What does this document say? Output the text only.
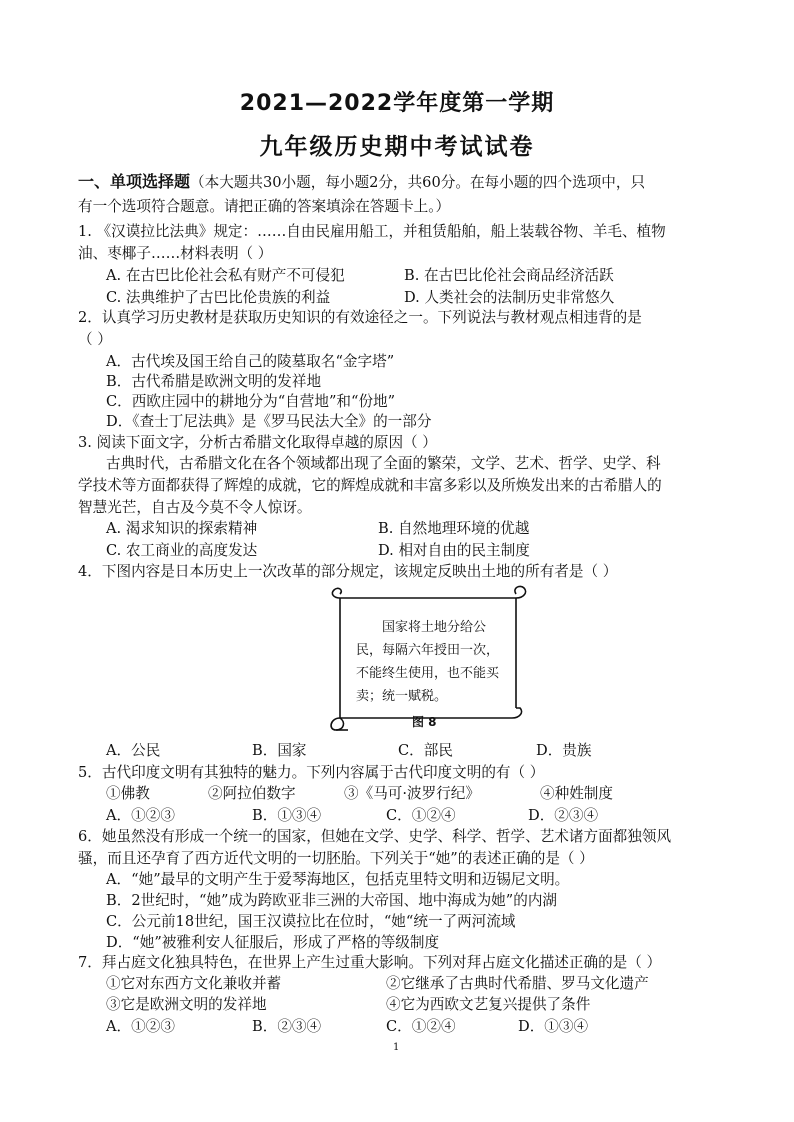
2021—2022学年度第一学期
九年级历史期中考试试卷
一、单项选择题（本大题共30小题，每小题2分，共60分。在每小题的四个选项中，只
有一个选项符合题意。请把正确的答案填涂在答题卡上。）
1. 《汉谟拉比法典》规定：……自由民雇用船工，并租赁船舶，船上装载谷物、羊毛、植物
油、枣椰子……材料表明（ ）
A. 在古巴比伦社会私有财产不可侵犯	B. 在古巴比伦社会商品经济活跃
C. 法典维护了古巴比伦贵族的利益	D. 人类社会的法制历史非常悠久
2．认真学习历史教材是获取历史知识的有效途径之一。下列说法与教材观点相违背的是
（ ）
A．古代埃及国王给自己的陵墓取名“金字塔”
B．古代希腊是欧洲文明的发祥地
C．西欧庄园中的耕地分为“自营地”和“份地”
D．《查士丁尼法典》是《罗马民法大全》的一部分
3. 阅读下面文字，分析古希腊文化取得卓越的原因（ ）
古典时代，古希腊文化在各个领域都出现了全面的繁荣，文学、艺术、哲学、史学、科
学技术等方面都获得了辉煌的成就，它的辉煌成就和丰富多彩以及所焕发出来的古希腊人的
智慧光芒，自古及今莫不令人惊讶。
A. 渴求知识的探索精神	B. 自然地理环境的优越
C. 农工商业的高度发达	D. 相对自由的民主制度
4．下图内容是日本历史上一次改革的部分规定，该规定反映出土地的所有者是（ ）
国家将土地分给公
民，每隔六年授田一次，
不能终生使用，也不能买
卖；统一赋税。
图 8
A．公民	B．国家	C．部民	D．贵族
5．古代印度文明有其独特的魅力。下列内容属于古代印度文明的有（ ）
①佛教	②阿拉伯数字	③《马可·波罗行纪》	④种姓制度
A．①②③	B．①③④	C．①②④	D．②③④
6．她虽然没有形成一个统一的国家，但她在文学、史学、科学、哲学、艺术诸方面都独领风
骚，而且还孕育了西方近代文明的一切胚胎。下列关于“她”的表述正确的是（ ）
A．“她”最早的文明产生于爱琴海地区，包括克里特文明和迈锡尼文明。
B．2世纪时，“她”成为跨欧亚非三洲的大帝国、地中海成为她”的内湖
C．公元前18世纪，国王汉谟拉比在位时，“她“统一了两河流域
D．“她”被雅利安人征服后，形成了严格的等级制度
7．拜占庭文化独具特色，在世界上产生过重大影响。下列对拜占庭文化描述正确的是（ ）
①它对东西方文化兼收并蓄	②它继承了古典时代希腊、罗马文化遗产
③它是欧洲文明的发祥地	④它为西欧文艺复兴提供了条件
A．①②③	B．②③④	C．①②④	D．①③④
1
